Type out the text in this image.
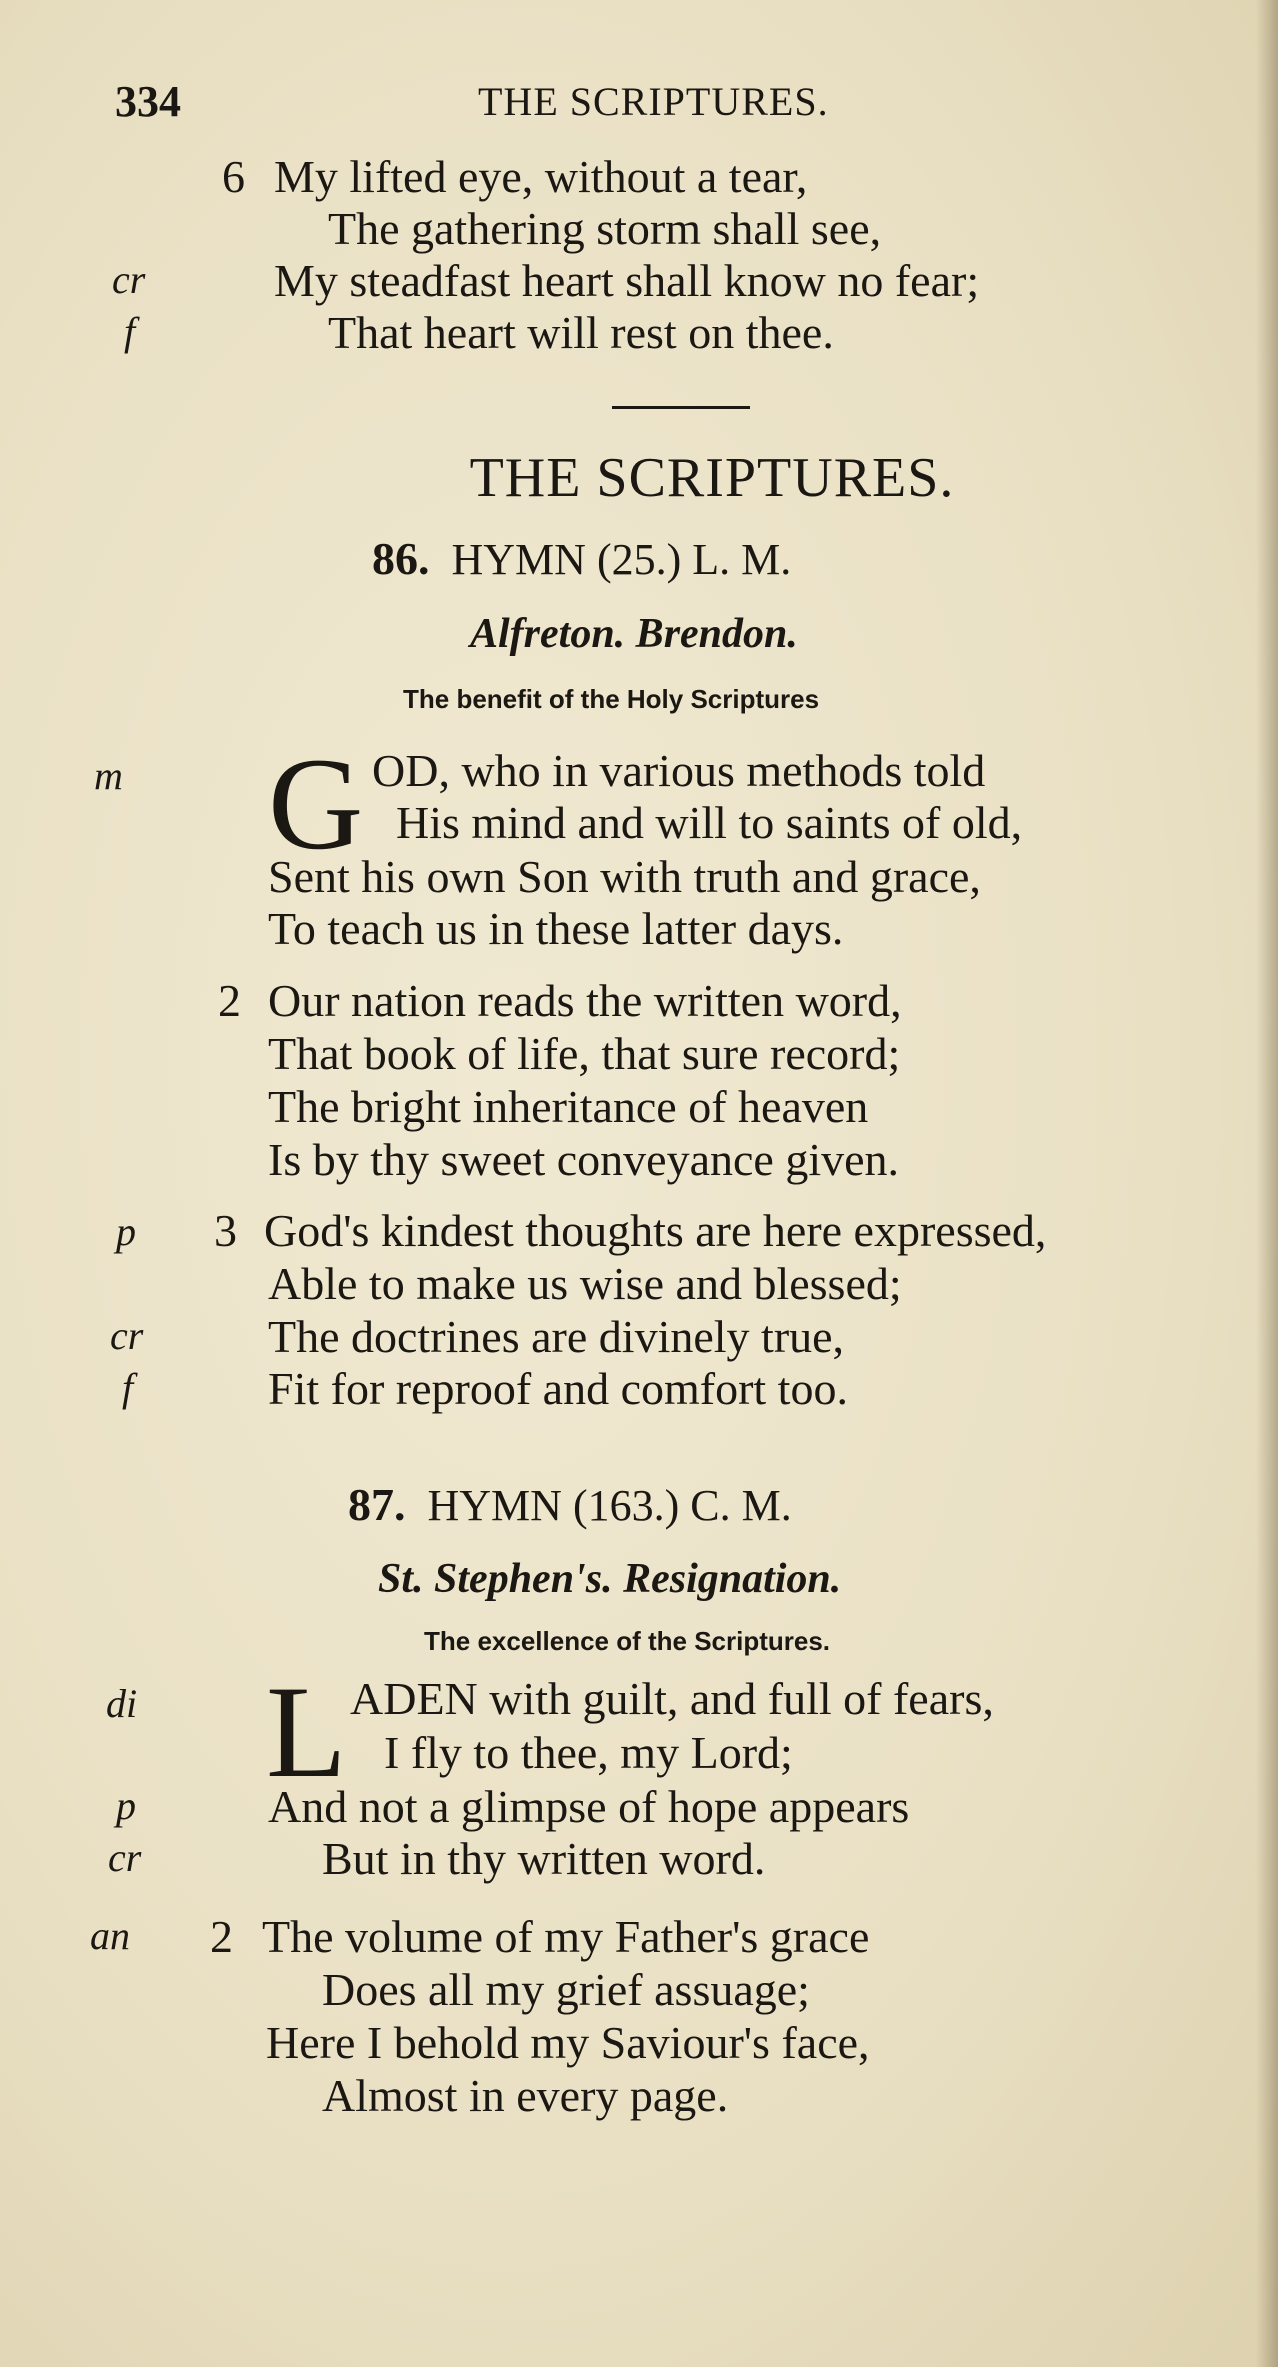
334	THE SCRIPTURES.
6 My lifted eye, without a tear,
The gathering storm shall see,
cr	My steadfast heart shall know no fear;
f	That heart will rest on thee.
THE SCRIPTURES.
86. HYMN (25.) L. M.
Alfreton. Brendon.
The benefit of the Holy Scriptures
m G OD, who in various methods told
His mind and will to saints of old,
Sent his own Son with truth and grace,
To teach us in these latter days.
2 Our nation reads the written word,
That book of life, that sure record;
The bright inheritance of heaven
Is by thy sweet conveyance given.
p 3 God's kindest thoughts are here expressed,
Able to make us wise and blessed;
cr	The doctrines are divinely true,
f	Fit for reproof and comfort too.
87. HYMN (163.) C. M.
St. Stephen's. Resignation.
The excellence of the Scriptures.
di L ADEN with guilt, and full of fears,
I fly to thee, my Lord;
p	And not a glimpse of hope appears
cr	But in thy written word.
an 2 The volume of my Father's grace
Does all my grief assuage;
Here I behold my Saviour's face,
Almost in every page.
